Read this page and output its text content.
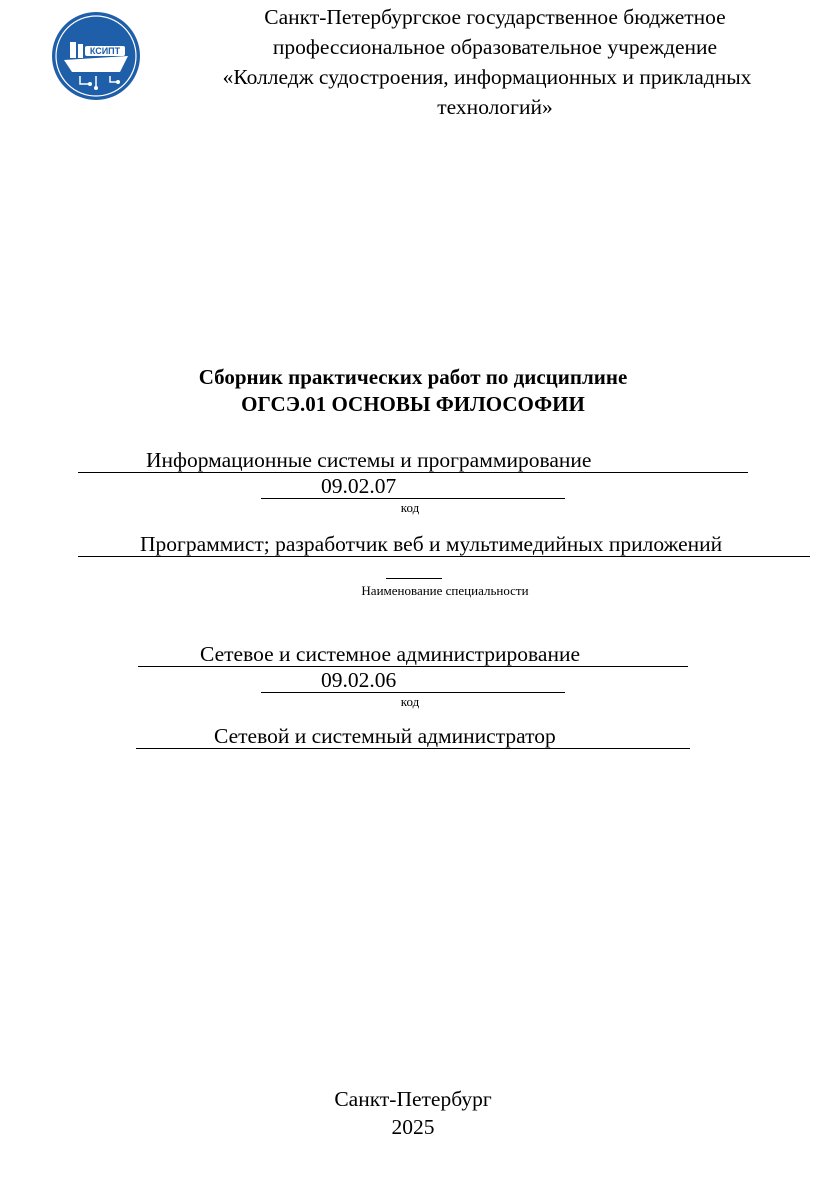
КСИПТ
Санкт-Петербургское государственное бюджетное
профессиональное образовательное учреждение
«Колледж судостроения, информационных и прикладных
технологий»
Сборник практических работ по дисциплине
ОГСЭ.01 ОСНОВЫ ФИЛОСОФИИ
Информационные системы и программирование
09.02.07
код
Программист; разработчик веб и мультимедийных приложений
Наименование специальности
Сетевое и системное администрирование
09.02.06
код
Сетевой и системный администратор
Санкт-Петербург
2025
